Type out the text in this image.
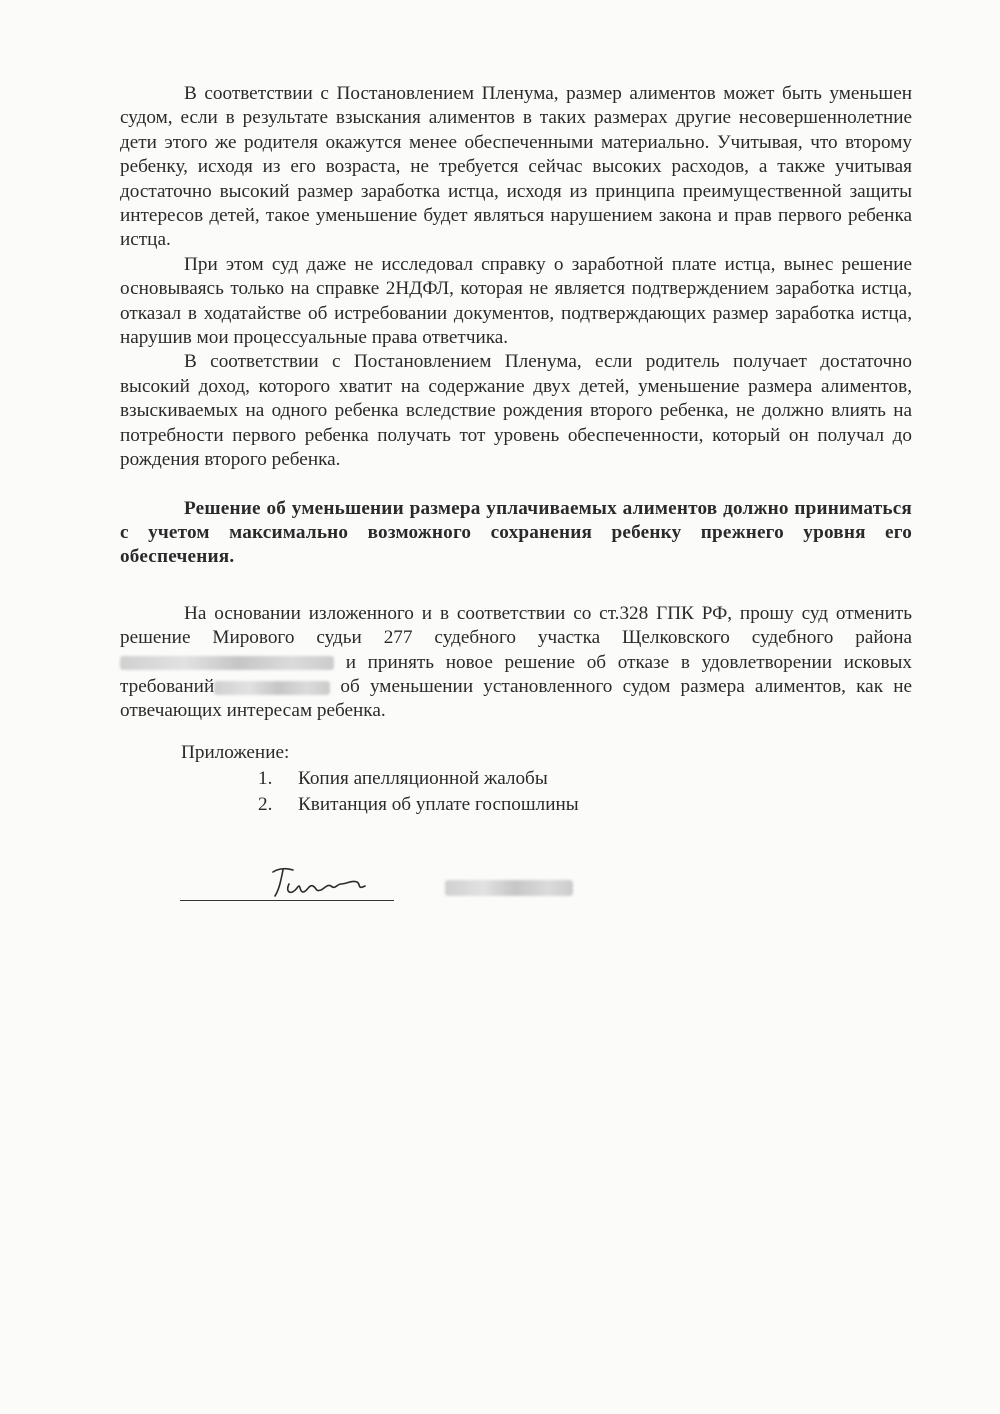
В соответствии с Постановлением Пленума, размер алиментов может быть уменьшен судом, если в результате взыскания алиментов в таких размерах другие несовершеннолетние дети этого же родителя окажутся менее обеспеченными материально. Учитывая, что второму ребенку, исходя из его возраста, не требуется сейчас высоких расходов, а также учитывая достаточно высокий размер заработка истца, исходя из принципа преимущественной защиты интересов детей, такое уменьшение будет являться нарушением закона и прав первого ребенка истца.

При этом суд даже не исследовал справку о заработной плате истца, вынес решение основываясь только на справке 2НДФЛ, которая не является подтверждением заработка истца, отказал в ходатайстве об истребовании документов, подтверждающих размер заработка истца, нарушив мои процессуальные права ответчика.

В соответствии с Постановлением Пленума, если родитель получает достаточно высокий доход, которого хватит на содержание двух детей, уменьшение размера алиментов, взыскиваемых на одного ребенка вследствие рождения второго ребенка, не должно влиять на потребности первого ребенка получать тот уровень обеспеченности, который он получал до рождения второго ребенка.

Решение об уменьшении размера уплачиваемых алиментов должно приниматься с учетом максимально возможного сохранения ребенку прежнего уровня его обеспечения.

На основании изложенного и в соответствии со ст.328 ГПК РФ, прошу суд отменить решение Мирового судьи 277 судебного участка Щелковского судебного района  и принять новое решение об отказе в удовлетворении исковых требований	об уменьшении установленного судом размера алиментов, как не отвечающих интересам ребенка.

Приложение:
1.	Копия апелляционной жалобы
2.	Квитанция об уплате госпошлины
